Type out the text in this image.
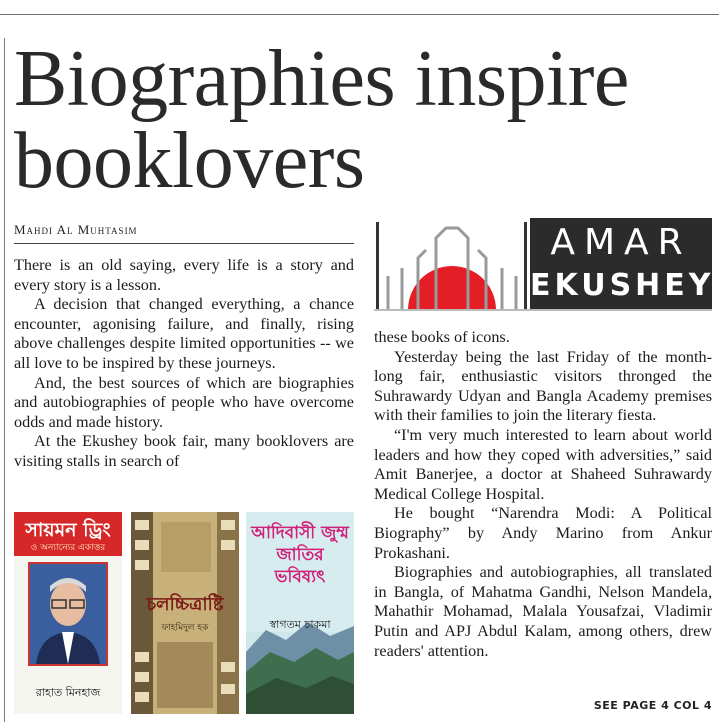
Biographies inspire
booklovers
Mahdi Al Muhtasim

There is an old saying, every life is a story and every story is a lesson.

A decision that changed everything, a chance encounter, agonising failure, and finally, rising above challenges despite limited opportunities -- we all love to be inspired by these journeys.

And, the best sources of which are biographies and autobiographies of people who have overcome odds and made history.

At the Ekushey book fair, many booklovers are visiting stalls in search of

AMAR
EKUSHEY

these books of icons.

Yesterday being the last Friday of the month-long fair, enthusiastic visitors thronged the Suhrawardy Udyan and Bangla Academy premises with their families to join the literary fiesta.

“I'm very much interested to learn about world leaders and how they coped with adversities,” said Amit Banerjee, a doctor at Shaheed Suhrawardy Medical College Hospital.

He bought “Narendra Modi: A Political Biography” by Andy Marino from Ankur Prokashani.

Biographies and autobiographies, all translated in Bangla, of Mahatma Gandhi, Nelson Mandela, Mahathir Mohamad, Malala Yousafzai, Vladimir Putin and APJ Abdul Kalam, among others, drew readers' attention.

সায়মন ড্রিং
ও অন্যান্যের একাত্তর
রাহাত মিনহাজ
চলচ্চিত্রাষ্টি
ফাহমিদুল হক
আদিবাসী জুম্ম জাতির ভবিষ্যৎ
স্বাগতম চাকমা
SEE PAGE 4 COL 4
